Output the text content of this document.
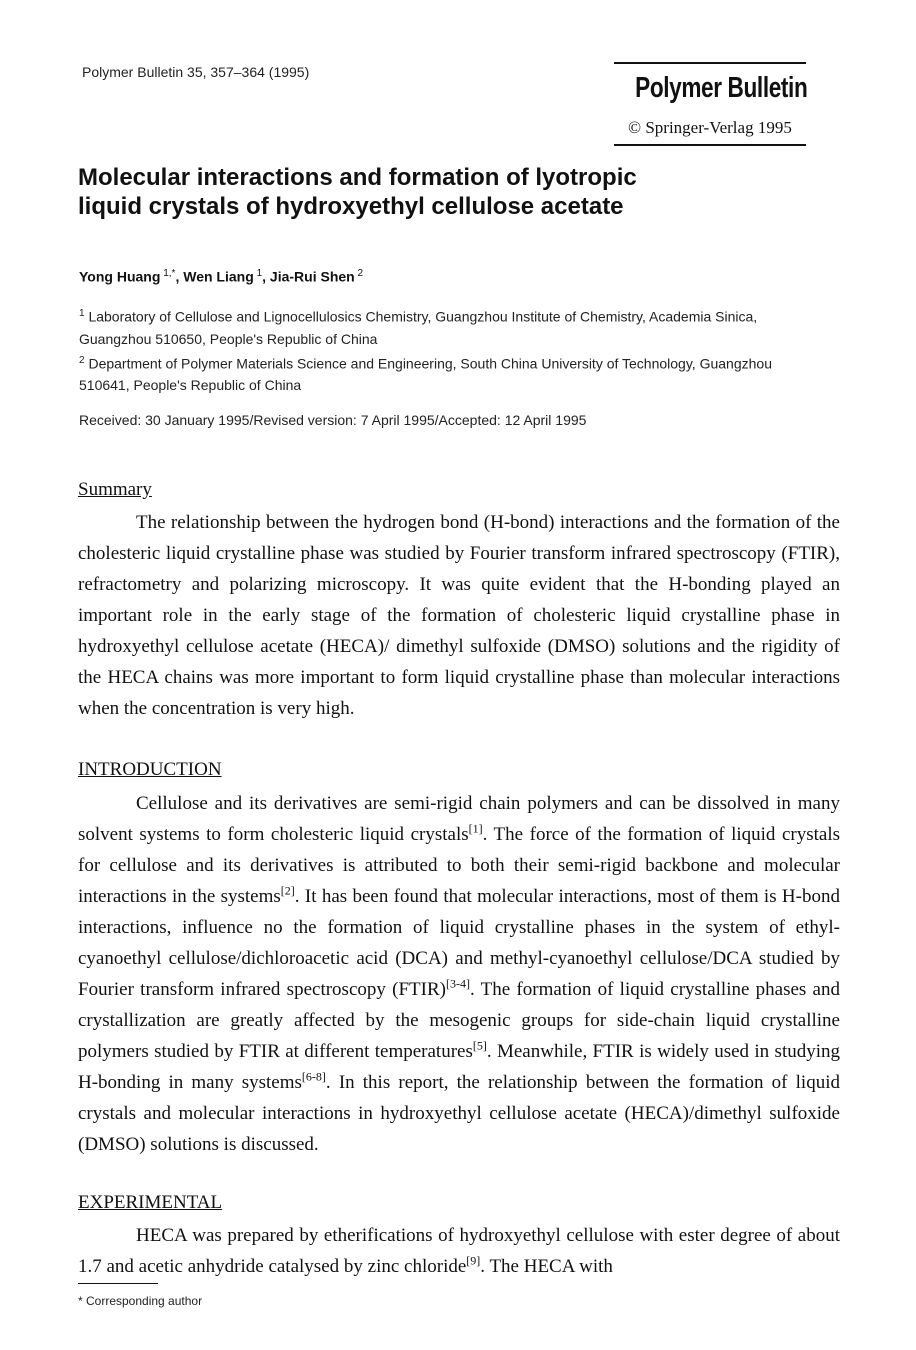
Polymer Bulletin 35, 357–364 (1995)	Polymer Bulletin
© Springer-Verlag 1995
Molecular interactions and formation of lyotropic liquid crystals of hydroxyethyl cellulose acetate
Yong Huang  $^{1,*}$, Wen Liang  $^1$, Jia-Rui Shen  $^2$
$^1$ Laboratory of Cellulose and Lignocellulosics Chemistry, Guangzhou Institute of Chemistry, Academia Sinica, Guangzhou 510650, People's Republic of China
$^2$ Department of Polymer Materials Science and Engineering, South China University of Technology, Guangzhou 510641, People's Republic of China
Received: 30 January 1995/Revised version: 7 April 1995/Accepted: 12 April 1995
Summary

The relationship between the hydrogen bond (H-bond) interactions and the formation of the cholesteric liquid crystalline phase was studied by Fourier transform infrared spectroscopy (FTIR), refractometry and polarizing microscopy. It was quite evident that the H-bonding played an important role in the early stage of the formation of cholesteric liquid crystalline phase in hydroxyethyl cellulose acetate (HECA)/ dimethyl sulfoxide (DMSO) solutions and the rigidity of the HECA chains was more important to form liquid crystalline phase than molecular interactions when the concentration is very high.

INTRODUCTION

Cellulose and its derivatives are semi-rigid chain polymers and can be dissolved in many solvent systems to form cholesteric liquid crystals[1]. The force of the formation of liquid crystals for cellulose and its derivatives is attributed to both their semi-rigid backbone and molecular interactions in the systems[2]. It has been found that molecular interactions, most of them is H-bond interactions, influence no the formation of liquid crystalline phases in the system of ethyl-cyanoethyl cellulose/dichloroacetic acid (DCA) and methyl-cyanoethyl cellulose/DCA studied by Fourier transform infrared spectroscopy (FTIR)[3-4]. The formation of liquid crystalline phases and crystallization are greatly affected by the mesogenic groups for side-chain liquid crystalline polymers studied by FTIR at different temperatures[5]. Meanwhile, FTIR is widely used in studying H-bonding in many systems[6-8]. In this report, the relationship between the formation of liquid crystals and molecular interactions in hydroxyethyl cellulose acetate (HECA)/dimethyl sulfoxide (DMSO) solutions is discussed.

EXPERIMENTAL

HECA was prepared by etherifications of hydroxyethyl cellulose with ester degree of about 1.7 and acetic anhydride catalysed by zinc chloride[9]. The HECA with

* Corresponding author
